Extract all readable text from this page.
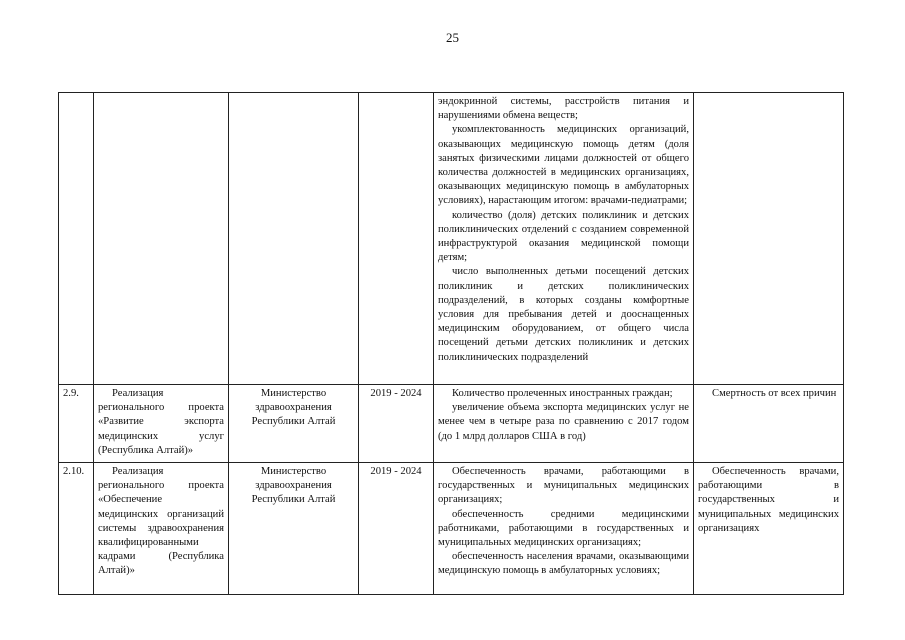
25

				эндокринной системы, расстройств питания и нарушениями обмена веществ;

укомплектованность медицинских организаций, оказывающих медицинскую помощь детям (доля занятых физическими лицами должностей от общего количества должностей в медицинских организациях, оказывающих медицинскую помощь в амбулаторных условиях), нарастающим итогом: врачами-педиатрами;

количество (доля) детских поликлиник и детских поликлинических отделений с созданием современной инфраструктурой оказания медицинской помощи детям;

число выполненных детьми посещений детских поликлиник и детских поликлинических подразделений, в которых созданы комфортные условия для пребывания детей и дооснащенных медицинским оборудованием, от общего числа посещений детьми детских поликлиник и детских поликлинических подразделений	

2.9.	Реализация регионального проекта «Развитие экспорта медицинских услуг (Республика Алтай)»	Министерство здравоохранения Республики Алтай	2019 - 2024	Количество пролеченных иностранных граждан;

увеличение объема экспорта медицинских услуг не менее чем в четыре раза по сравнению с 2017 годом (до 1 млрд долларов США в год)	Смертность от всех причин

2.10.	Реализация регионального проекта «Обеспечение медицинских организаций системы здравоохранения квалифицированными кадрами (Республика Алтай)»	Министерство здравоохранения Республики Алтай	2019 - 2024	Обеспеченность врачами, работающими в государственных и муниципальных медицинских организациях;

обеспеченность средними медицинскими работниками, работающими в государственных и муниципальных медицинских организациях;

обеспеченность населения врачами, оказывающими медицинскую помощь в амбулаторных условиях;	Обеспеченность врачами, работающими в государственных и муниципальных медицинских организациях
